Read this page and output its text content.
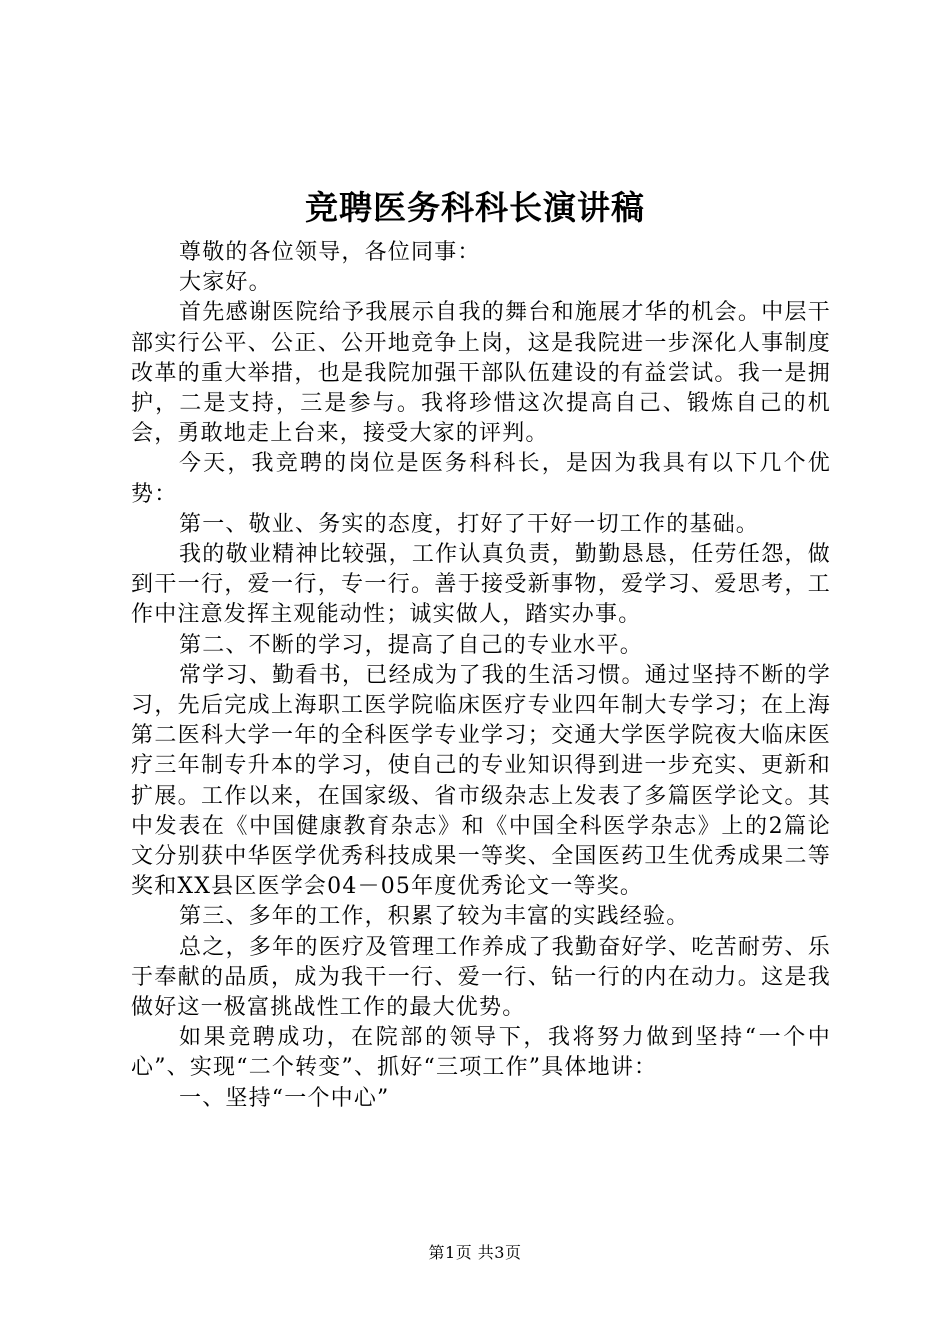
竞聘医务科科长演讲稿

尊敬的各位领导，各位同事：

大家好。

首先感谢医院给予我展示自我的舞台和施展才华的机会。中层干部实行公平、公正、公开地竞争上岗，这是我院进一步深化人事制度改革的重大举措，也是我院加强干部队伍建设的有益尝试。我一是拥护，二是支持，三是参与。我将珍惜这次提高自己、锻炼自己的机会，勇敢地走上台来，接受大家的评判。

今天，我竞聘的岗位是医务科科长，是因为我具有以下几个优势：

第一、敬业、务实的态度，打好了干好一切工作的基础。

我的敬业精神比较强，工作认真负责，勤勤恳恳，任劳任怨，做到干一行，爱一行，专一行。善于接受新事物，爱学习、爱思考，工作中注意发挥主观能动性；诚实做人，踏实办事。

第二、不断的学习，提高了自己的专业水平。

常学习、勤看书，已经成为了我的生活习惯。通过坚持不断的学习，先后完成上海职工医学院临床医疗专业四年制大专学习；在上海第二医科大学一年的全科医学专业学习；交通大学医学院夜大临床医疗三年制专升本的学习，使自己的专业知识得到进一步充实、更新和扩展。工作以来，在国家级、省市级杂志上发表了多篇医学论文。其中发表在《中国健康教育杂志》和《中国全科医学杂志》上的2篇论文分别获中华医学优秀科技成果一等奖、全国医药卫生优秀成果二等奖和XX县区医学会04－05年度优秀论文一等奖。

第三、多年的工作，积累了较为丰富的实践经验。

总之，多年的医疗及管理工作养成了我勤奋好学、吃苦耐劳、乐于奉献的品质，成为我干一行、爱一行、钻一行的内在动力。这是我做好这一极富挑战性工作的最大优势。

如果竞聘成功，在院部的领导下，我将努力做到坚持“一个中心”、实现“二个转变”、抓好“三项工作”具体地讲：

一、坚持“一个中心”

第1页 共3页
